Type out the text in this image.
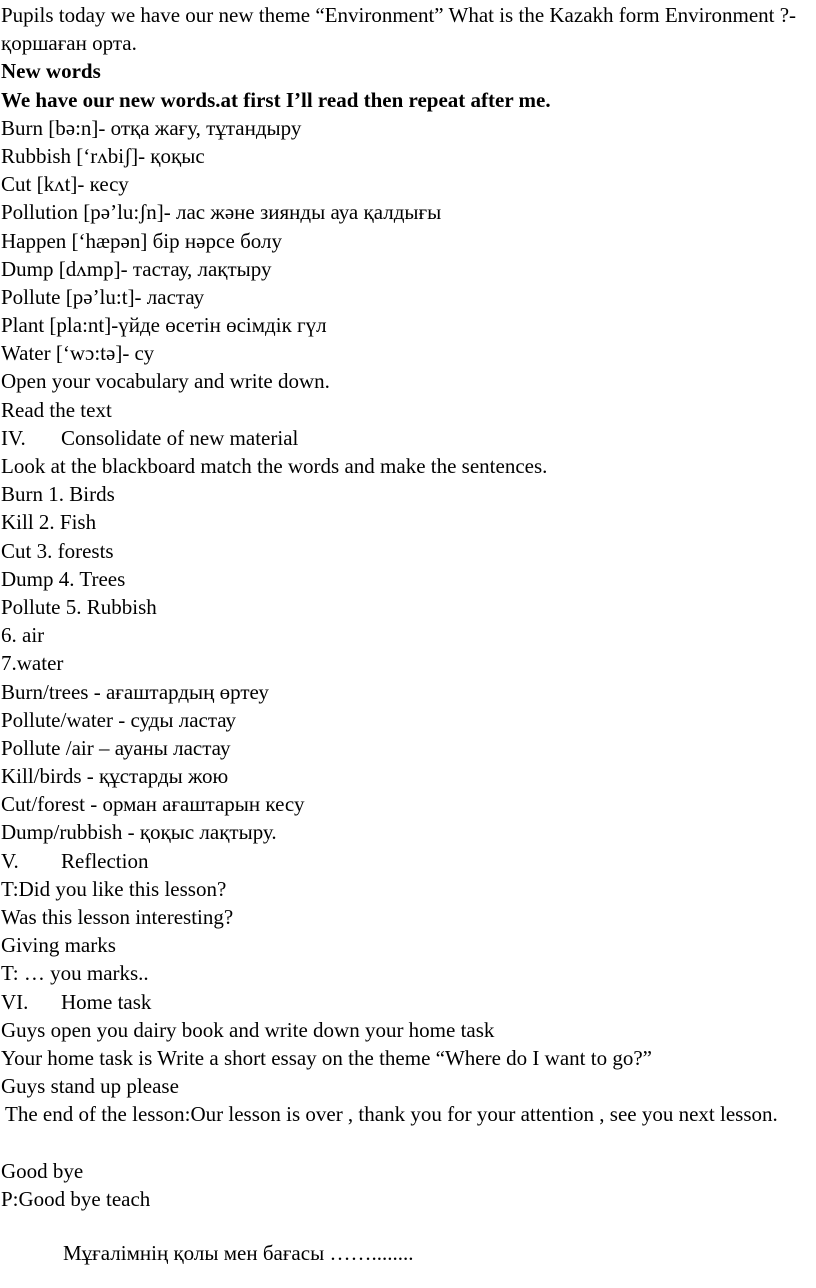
Pupils today we have our new theme “Environment” What is the Kazakh form Environment ?- қоршаған орта.

New words

We have our new words.at first I’ll read then repeat after me.

Burn [bə:n]- отқа жағу, тұтандыру

Rubbish [‘rʌbiʃ]- қоқыс

Cut [kʌt]- кесу

Pollution [pə’lu:ʃn]- лас және зиянды ауа қалдығы

Happen [‘hæpən] бір нәрсе болу

Dump [dʌmp]- тастау, лақтыру

Pollute [pə’lu:t]- ластау

Plant [pla:nt]-үйде өсетін өсімдік гүл

Water [‘wɔ:tə]- су

Open your vocabulary and write down.

Read the text

IV. Consolidate of new material

Look at the blackboard match the words and make the sentences.

Burn 1. Birds

Kill 2. Fish

Cut 3. forests

Dump 4. Trees

Pollute 5. Rubbish

6. air

7.water

Burn/trees - ағаштардың өртеу

Pollute/water - суды ластау

Pollute /air – ауаны ластау

Kill/birds - құстарды жою

Cut/forest - орман ағаштарын кесу

Dump/rubbish - қоқыс лақтыру.

V. Reflection

T:Did you like this lesson?

Was this lesson interesting?

Giving marks

T: … you marks..

VI. Home task

Guys open you dairy book and write down your home task

Your home task is Write a short essay on the theme “Where do I want to go?”

Guys stand up please

The end of the lesson:Our lesson is over , thank you for your attention , see you next lesson.

Good bye

P:Good bye teach

Мұғалімнің қолы мен бағасы ……........
